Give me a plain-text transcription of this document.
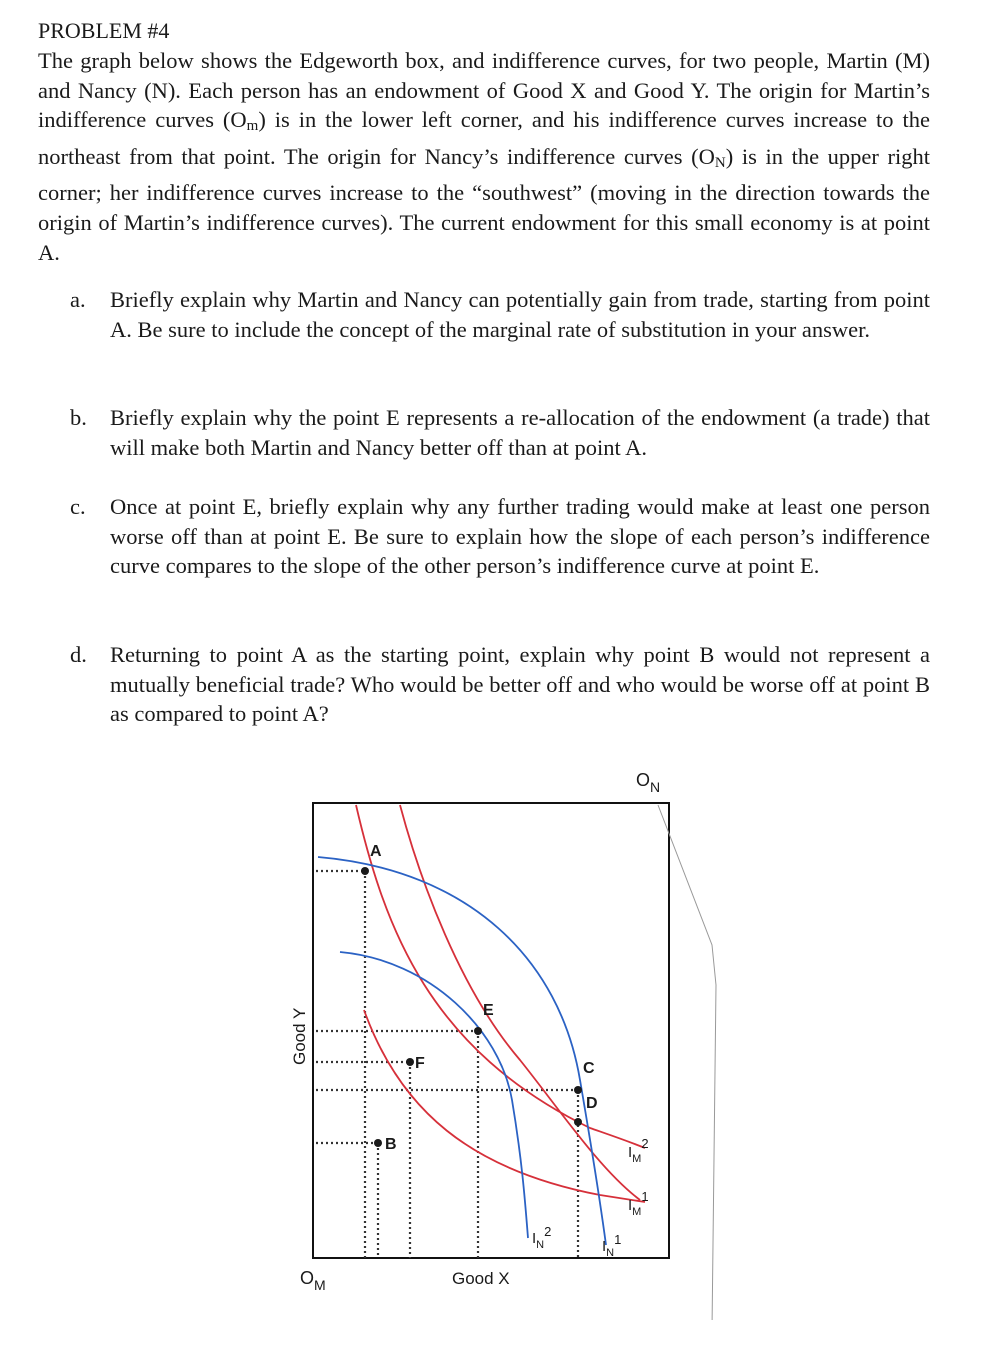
PROBLEM #4
The graph below shows the Edgeworth box, and indifference curves, for two people, Martin (M) and Nancy (N). Each person has an endowment of Good X and Good Y. The origin for Martin’s indifference curves $(O_m)$ is in the lower left corner, and his indifference curves increase to the northeast from that point. The origin for Nancy’s indifference curves $(O_N)$ is in the upper right corner; her indifference curves increase to the “southwest” (moving in the direction towards the origin of Martin’s indifference curves). The current endowment for this small economy is at point A.
a. Briefly explain why Martin and Nancy can potentially gain from trade, starting from point A. Be sure to include the concept of the marginal rate of substitution in your answer.
b. Briefly explain why the point E represents a re-allocation of the endowment (a trade) that will make both Martin and Nancy better off than at point A.
c. Once at point E, briefly explain why any further trading would make at least one person worse off than at point E. Be sure to explain how the slope of each person’s indifference curve compares to the slope of the other person’s indifference curve at point E.
d. Returning to point A as the starting point, explain why point B would not represent a mutually beneficial trade? Who would be better off and who would be worse off at point B as compared to point A?
A
E
F
B
C
D
Good X
Good Y
$O_M$
$O_N$
$I_M2$
$I_M1$
$I_N2$
$I_N1$
